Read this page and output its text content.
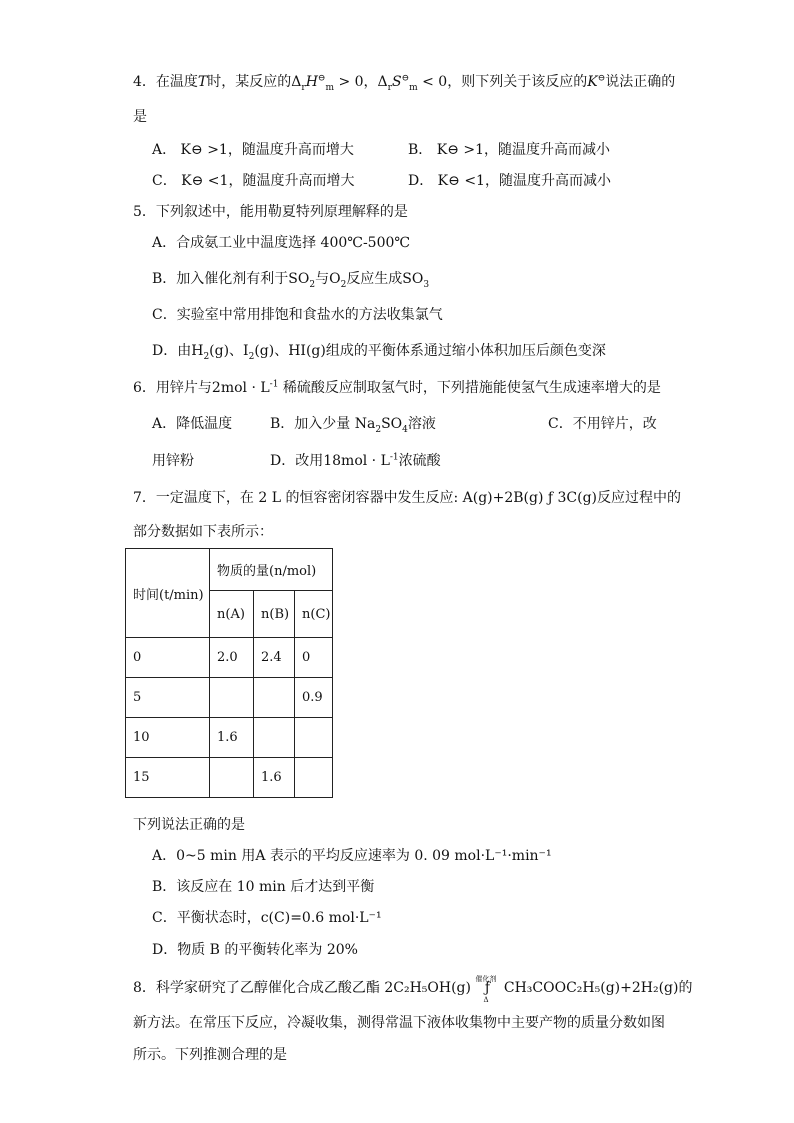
4．在温度T时，某反应的$\Delta_rH^⊖_m > 0$，$\Delta_rS^⊖_m < 0$，则下列关于该反应的K⊖说法正确的
是
A． K⊖ >1，随温度升高而增大	B． K⊖ >1，随温度升高而减小
C． K⊖ <1，随温度升高而增大	D． K⊖ <1，随温度升高而减小
5．下列叙述中，能用勒夏特列原理解释的是
A．合成氨工业中温度选择 400℃-500℃
B．加入催化剂有利于$SO_2$与$O_2$反应生成$SO_3$
C．实验室中常用排饱和食盐水的方法收集氯气
D．由$H_2(g)$、$I_2(g)$、HI(g)组成的平衡体系通过缩小体积加压后颜色变深
6．用锌片与$2mol \cdot L^{-1}$ 稀硫酸反应制取氢气时，下列措施能使氢气生成速率增大的是
A．降低温度	B．加入少量 $Na_2SO_4$溶液	C．不用锌片，改
用锌粉	D．改用$18mol \cdot L^{-1}$浓硫酸
7．一定温度下，在 2 L 的恒容密闭容器中发生反应: A(g)+2B(g) ƒ 3C(g)反应过程中的
部分数据如下表所示：
时间(t/min)	物质的量(n/mol)		
	n(A)	n(B)	n(C)
0	2.0	2.4	0
5			0.9
10	1.6		
15		1.6	
下列说法正确的是
A．0~5 min 用A 表示的平均反应速率为 0. 09 mol·L⁻¹·min⁻¹
B．该反应在 10 min 后才达到平衡
C．平衡状态时，c(C)=0.6 mol·L⁻¹
D．物质 B 的平衡转化率为 20%
8．科学家研究了乙醇催化合成乙酸乙酯 2C₂H₅OH(g)
催化剂
ƒ
Δ
CH₃COOC₂H₅(g)+2H₂(g)的
新方法。在常压下反应，冷凝收集，测得常温下液体收集物中主要产物的质量分数如图
所示。下列推测合理的是
